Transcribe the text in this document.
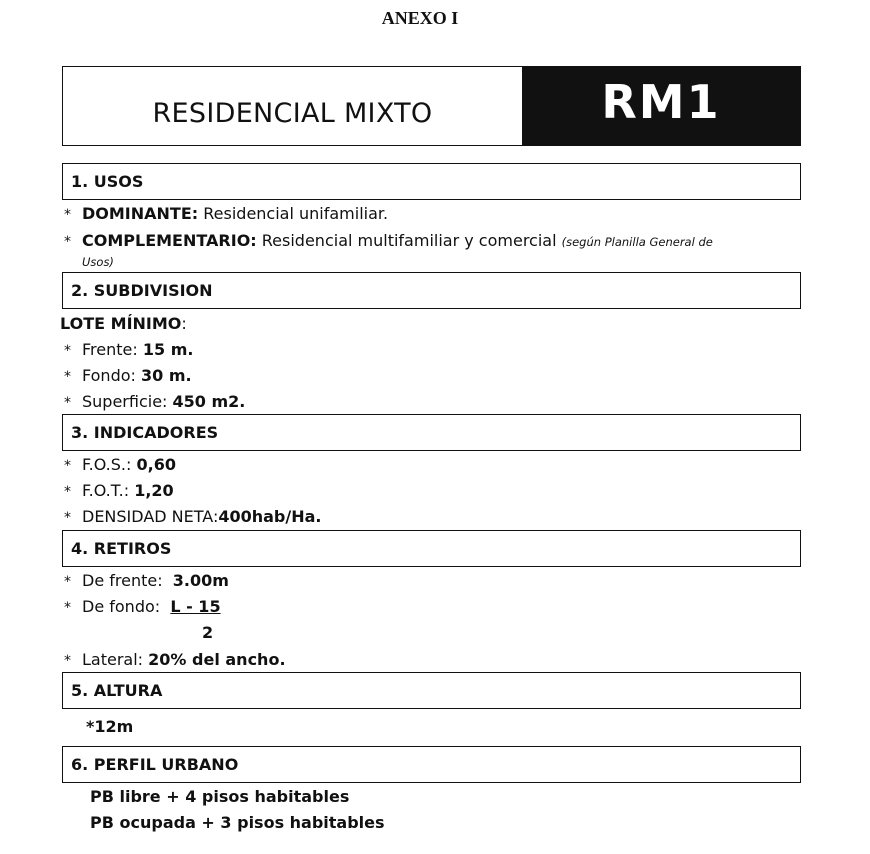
ANEXO I
RESIDENCIAL MIXTO	RM1
1. USOS
* DOMINANTE: Residencial unifamiliar.
* COMPLEMENTARIO: Residencial multifamiliar y comercial (según Planilla General de
Usos)
2. SUBDIVISION
LOTE MÍNIMO:
* Frente: 15 m.
* Fondo: 30 m.
* Superficie: 450 m2.
3. INDICADORES
* F.O.S.: 0,60
* F.O.T.: 1,20
* DENSIDAD NETA:400hab/Ha.
4. RETIROS
* De frente: 3.00m
* De fondo: L - 15
2
* Lateral: 20% del ancho.
5. ALTURA
*12m
6. PERFIL URBANO
PB libre + 4 pisos habitables
PB ocupada + 3 pisos habitables
